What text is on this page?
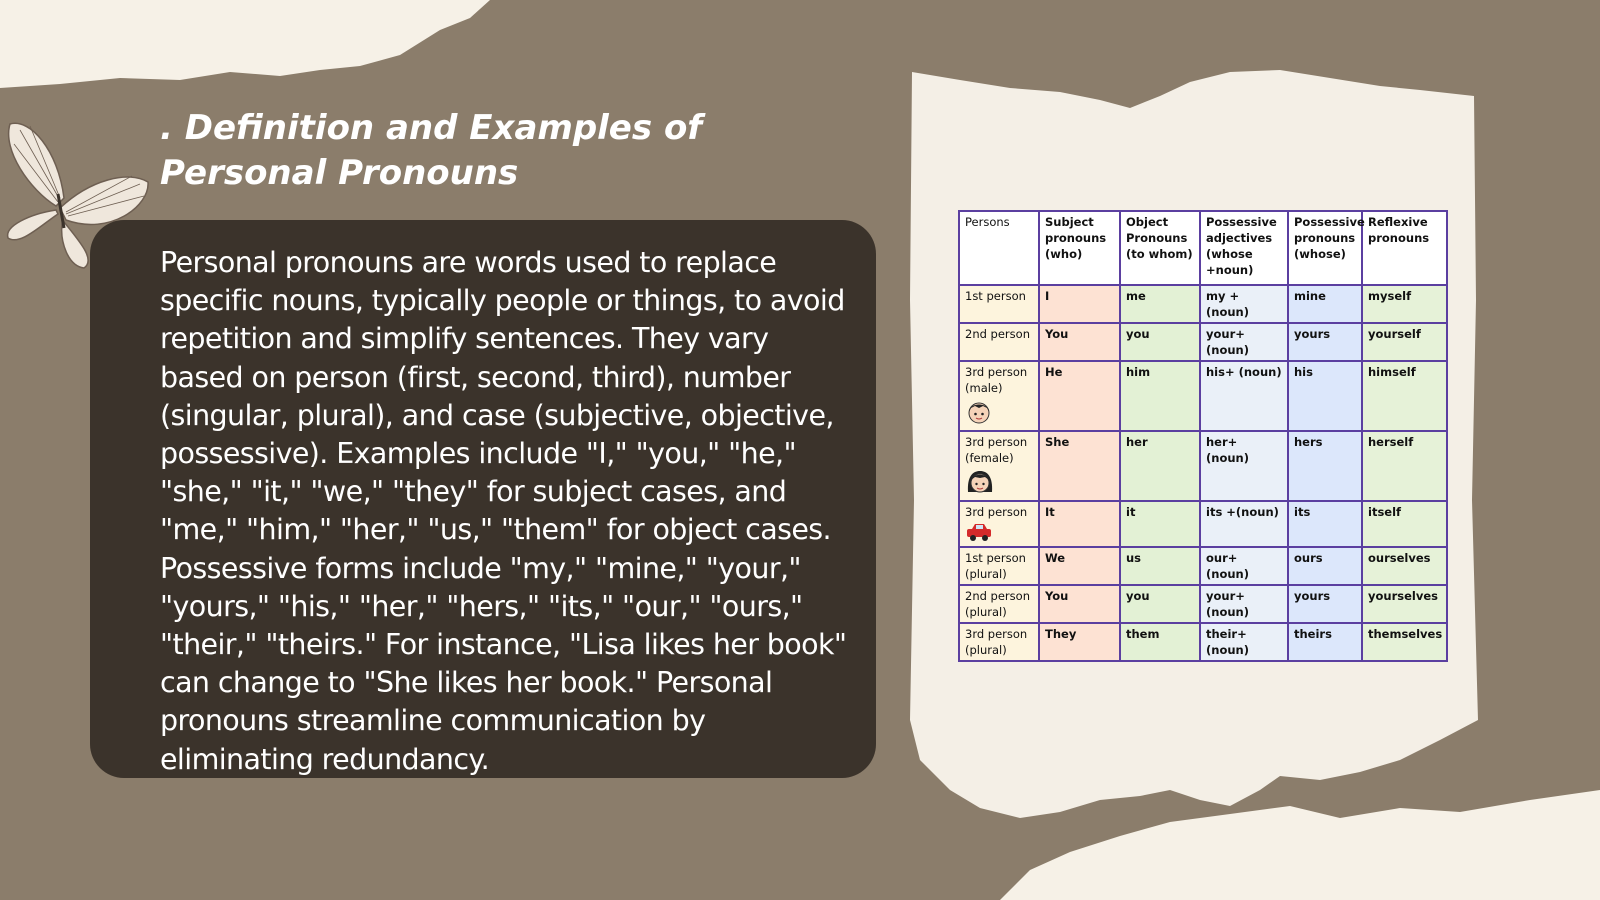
. Definition and Examples of Personal Pronouns

Personal pronouns are words used to replace specific nouns, typically people or things, to avoid repetition and simplify sentences. They vary based on person (first, second, third), number (singular, plural), and case (subjective, objective, possessive). Examples include "I," "you," "he," "she," "it," "we," "they" for subject cases, and "me," "him," "her," "us," "them" for object cases. Possessive forms include "my," "mine," "your," "yours," "his," "her," "hers," "its," "our," "ours," "their," "theirs." For instance, "Lisa likes her book" can change to "She likes her book." Personal pronouns streamline communication by eliminating redundancy.

Persons	Subject pronouns (who)	Object Pronouns (to whom)	Possessive adjectives (whose +noun)	Possessive pronouns (whose)	Reflexive pronouns
1st person	I	me	my +(noun)	mine	myself
2nd person	You	you	your+(noun)	yours	yourself
3rd person (male)	He	him	his+ (noun)	his	himself
3rd person (female)	She	her	her+ (noun)	hers	herself
3rd person	It	it	its +(noun)	its	itself
1st person (plural)	We	us	our+ (noun)	ours	ourselves
2nd person (plural)	You	you	your+ (noun)	yours	yourselves
3rd person (plural)	They	them	their+(noun)	theirs	themselves
